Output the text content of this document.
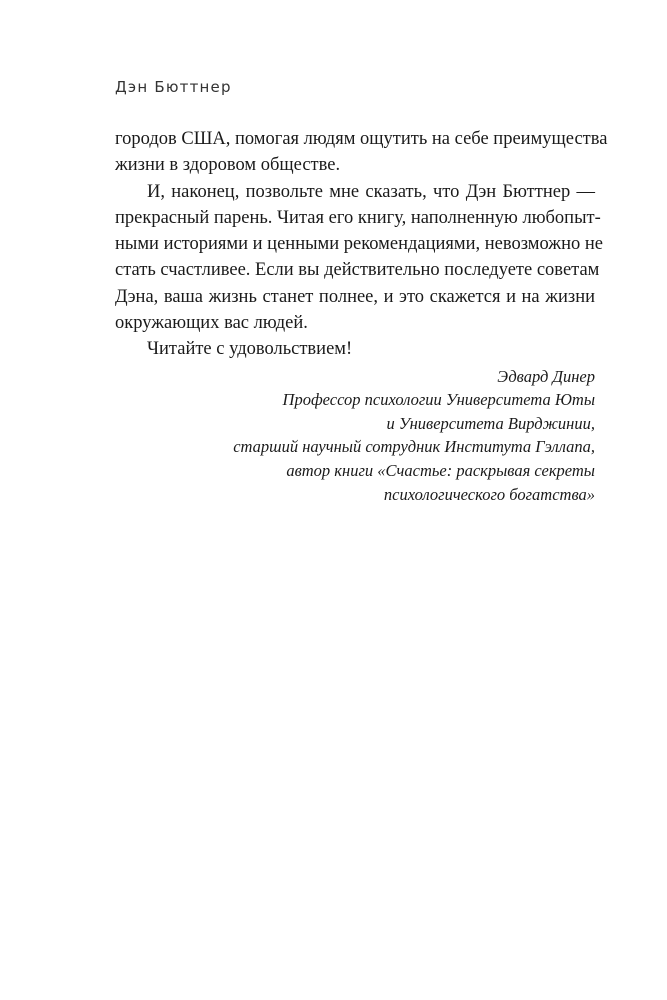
Дэн Бюттнер

городов США, помогая людям ощутить на себе преимущества
жизни в здоровом обществе.

И, наконец, позвольте мне сказать, что Дэн Бюттнер —
прекрасный парень. Читая его книгу, наполненную любопыт-
ными историями и ценными рекомендациями, невозможно не
стать счастливее. Если вы действительно последуете советам
Дэна, ваша жизнь станет полнее, и это скажется и на жизни
окружающих вас людей.

Читайте с удовольствием!

Эдвард Динер
Профессор психологии Университета Юты
и Университета Вирджинии,
старший научный сотрудник Института Гэллапа,
автор книги «Счастье: раскрывая секреты
психологического богатства»
